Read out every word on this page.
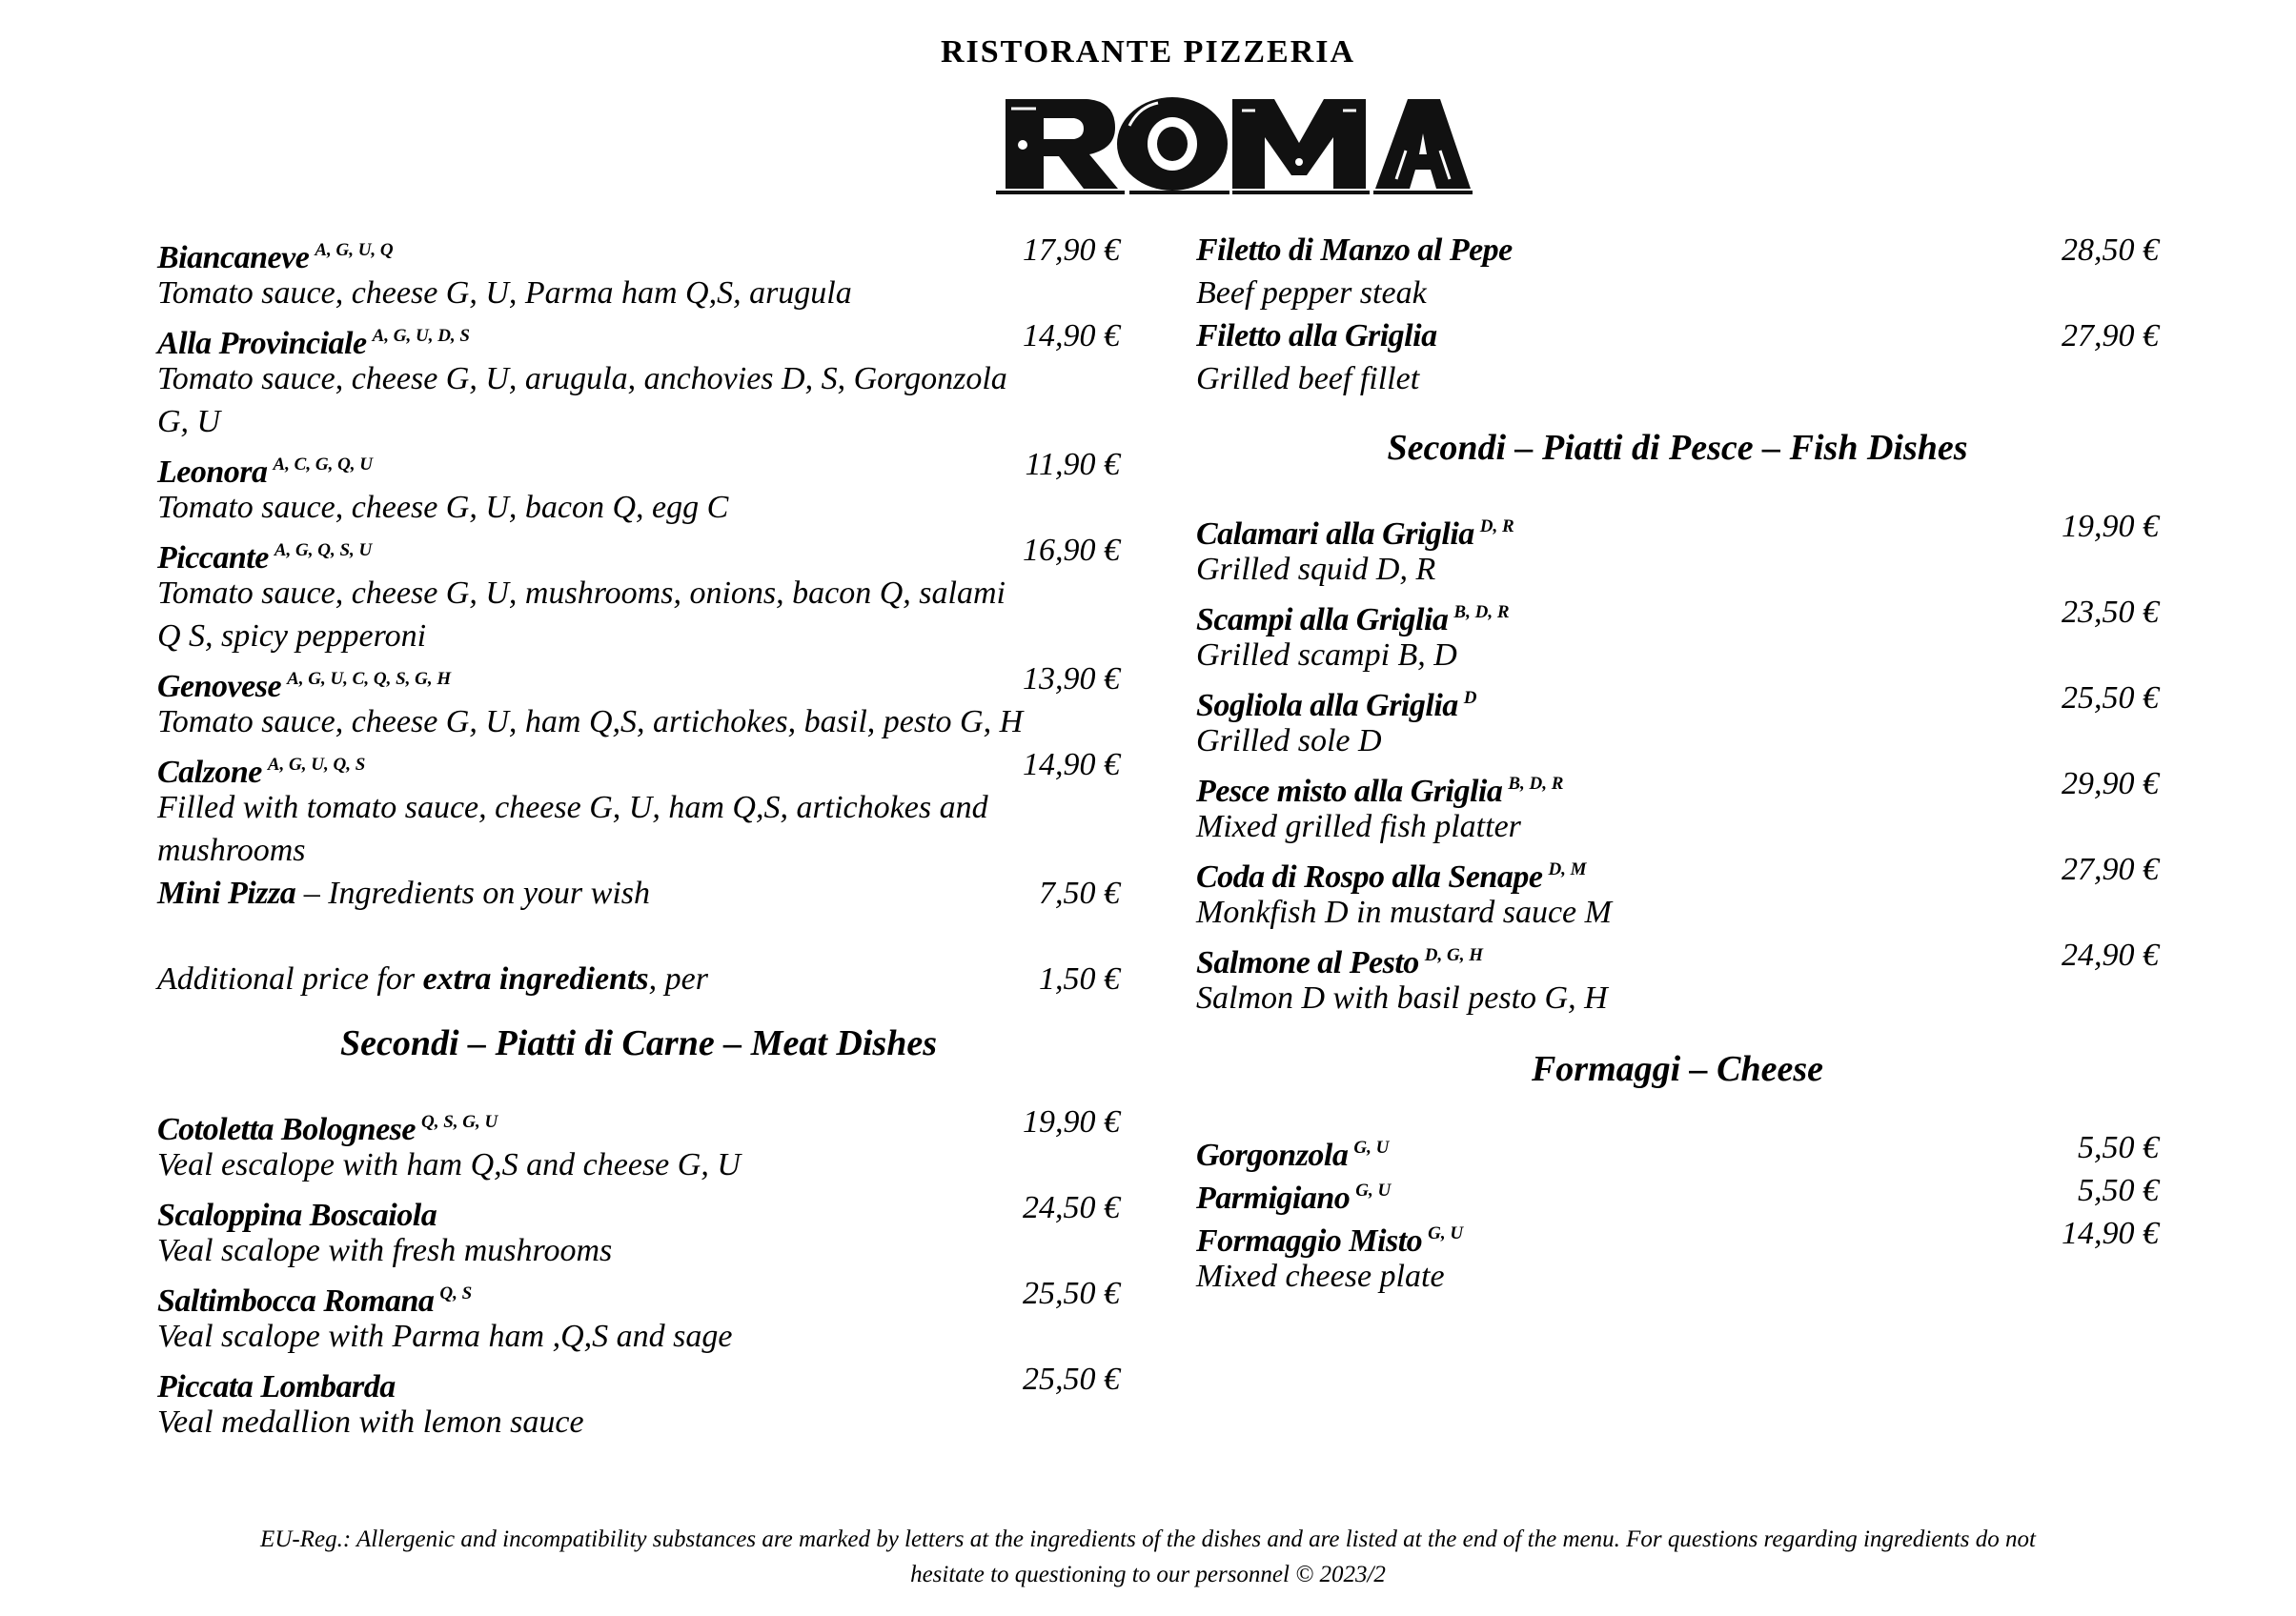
RISTORANTE PIZZERIA
Biancaneve A, G, U, Q	17,90 €
Tomato sauce, cheese G, U, Parma ham Q,S, arugula
Alla Provinciale A, G, U, D, S	14,90 €
Tomato sauce, cheese G, U, arugula, anchovies D, S, Gorgonzola G, U
Leonora A, C, G, Q, U	11,90 €
Tomato sauce, cheese G, U, bacon Q, egg C
Piccante A, G, Q, S, U	16,90 €
Tomato sauce, cheese G, U, mushrooms, onions, bacon Q, salami Q S, spicy pepperoni
Genovese A, G, U, C, Q, S, G, H	13,90 €
Tomato sauce, cheese G, U, ham Q,S, artichokes, basil, pesto G, H
Calzone A, G, U, Q, S	14,90 €
Filled with tomato sauce, cheese G, U, ham Q,S, artichokes and mushrooms
Mini Pizza – Ingredients on your wish	7,50 €
Additional price for extra ingredients, per	1,50 €
Secondi – Piatti di Carne – Meat Dishes
Cotoletta Bolognese Q, S, G, U	19,90 €
Veal escalope with ham Q,S and cheese G, U
Scaloppina Boscaiola	24,50 €
Veal scalope with fresh mushrooms
Saltimbocca Romana Q, S	25,50 €
Veal scalope with Parma ham ,Q,S and sage
Piccata Lombarda	25,50 €
Veal medallion with lemon sauce
Filetto di Manzo al Pepe	28,50 €
Beef pepper steak
Filetto alla Griglia	27,90 €
Grilled beef fillet
Secondi – Piatti di Pesce – Fish Dishes
Calamari alla Griglia D, R	19,90 €
Grilled squid D, R
Scampi alla Griglia B, D, R	23,50 €
Grilled scampi B, D
Sogliola alla Griglia D	25,50 €
Grilled sole D
Pesce misto alla Griglia B, D, R	29,90 €
Mixed grilled fish platter
Coda di Rospo alla Senape D, M	27,90 €
Monkfish D in mustard sauce M
Salmone al Pesto D, G, H	24,90 €
Salmon D with basil pesto G, H
Formaggi – Cheese
Gorgonzola G, U	5,50 €
Parmigiano G, U	5,50 €
Formaggio Misto G, U	14,90 €
Mixed cheese plate
EU-Reg.: Allergenic and incompatibility substances are marked by letters at the ingredients of the dishes and are listed at the end of the menu. For questions regarding ingredients do not
hesitate to questioning to our personnel © 2023/2
